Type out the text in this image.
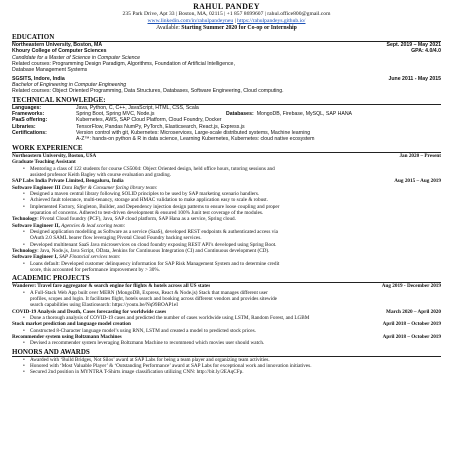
RAHUL PANDEY
235 Park Drive, Apt 33 | Boston, MA, 02115 | +1 857 8699607 | rahul.office800@gmail.com
www.linkedin.com/in/rahulpandeyneu | https://rahulpandeys.github.io/
Available: Starting Summer 2020 for Co-op or Internship
EDUCATION
Northeastern University, Boston, MA	Sept. 2019 – May 2021
Khoury College of Computer Sciences	GPA: 4.0/4.0
Candidate for a Master of Science in Computer Science
Related courses: Programming Design Paradigm, Algorithms, Foundation of Artificial Intelligence,
Database Management Systems
SGSITS, Indore, India	June 2011 - May 2015
Bachelor of Engineering in Computer Engineering
Related courses: Object Oriented Programming, Data Structures, Databases, Software Engineering, Cloud computing.
TECHNICAL KNOWLEDGE:
Languages:	Java, Python, C, C++, JavaScript, HTML, CSS, Scala
Frameworks:	Spring Boot, Spring MVC, Node.js	Databases: MongoDB, Firebase, MySQL, SAP HANA
PaaS offering:	Kubernetes, AWS, SAP Cloud Platform, Cloud Foundry, Docker
Libraries:	TensorFlow, Pandas NumPy, PyTorch, Elasticsearch, React.js, Express.js
Certifications:	Version control with git, Kubernetes: Microservices, Large-scale distributed systems, Machine learning
A-Z™: hands-on python & R in data science, Learning Kubernetes, Kubernetes: cloud native ecosystem
WORK EXPERIENCE
Northeastern University, Boston, USA	Jan 2020 – Present
Graduate Teaching Assistant
• Mentoring a class of 122 students for course CS5004: Object Oriented design, held office hours, tutoring sessions and
assisted professor Keith Bagley with course evaluation and grading.
SAP Labs India Private Limited, Bengaluru, India	Aug 2015 – Aug 2019
Software Engineer III Data Buffer & Consumer facing library team:
• Designed a maven central library following SOLID principles to be used by SAP marketing scenario handlers.
• Achieved fault tolerance, multi-tenancy, storage and HMAC validation to make application easy to scale & robust.
• Implemented Factory, Singleton, Builder, and Dependency injection design patterns to ensure loose coupling and proper
separation of concerns. Adhered to test-driven development & ensured 100% Junit test coverage of the modules.
Technology: Pivotal Cloud foundry (PCF), Java, SAP cloud platform, SAP Hana as a service, Spring cloud.
Software Engineer II, Agencies & lead scoring team:
• Designed application modelling as Software as a service (SaaS), developed REST endpoints & authenticated access via
OAuth 2.0 SAML bearer flow leveraging Pivotal Cloud Foundry backing services.
• Developed multitenant SaaS Java microservices on cloud foundry exposing REST API’s developed using Spring Boot.
Technology: Java, Node.js, Java Script, OData, Jenkins for Continuous Integration (CI) and Continuous development (CD).
Software Engineer I, SAP Financial services team:
• Loans default: Developed customer delinquency information for SAP Risk Management System and to determine credit
score, this accounted for performance improvement by > 30%.
ACADEMIC PROJECTS
Wanderer: Travel fare aggregator & search engine for flights & hotels across all US states	Aug 2019 - December 2019
• A Full-Stack Web App built over MERN (MongoDB, Express, React & Node.js) Stack that manages different user
profiles, scopes and login. It facilitates flight, hotels search and booking across different vendors and provides sitewide
search capabilities using Elasticsearch: https://youtu.be/Nq99BOAP1eI
COVID-19 Analysis and Death, Cases forecasting for worldwide cases	March 2020 – April 2020
• Done a thorough analysis of COVID-19 cases and predicted the number of cases worldwide using LSTM, Random Forest, and LGBM
Stock market prediction and language model creation	April 2018 – October 2019
• Constructed 8-Character language model’s using RNN, LSTM and created a model to predicted stock prices.
Recommender system using Boltzmann Machines	April 2018 – October 2019
• Devised a recommender system leveraging Boltzmann Machine to recommend which movies user should watch.
HONORS AND AWARDS
• Awarded with ‘Build Bridges, Not Silos’ award at SAP Labs for being a team player and organizing team activities.
• Honored with ‘Most Valuable Player’ & ‘Outstanding Performance’ award at SAP Labs for exceptional work and innovation initiatives.
• Secured 2nd position in MYNTRA T-Shirts image classification utilizing CNN: http://bit.ly/2EAqCFp.
